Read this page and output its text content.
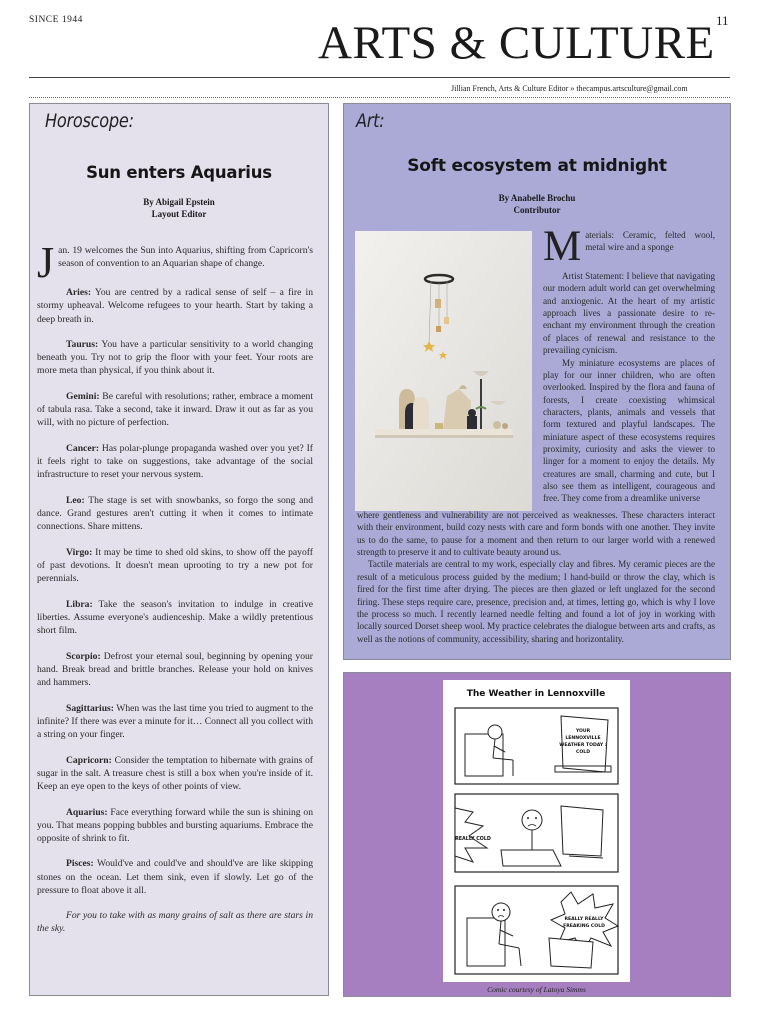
SINCE 1944	11
ARTS & CULTURE
Jillian French, Arts & Culture Editor » thecampus.artsculture@gmail.com
Horoscope:
Sun enters Aquarius
By Abigail Epstein
Layout Editor

Jan. 19 welcomes the Sun into Aquarius, shifting from Capricorn's season of convention to an Aquarian shape of change.

Aries: You are centred by a radical sense of self – a fire in stormy upheaval. Welcome refugees to your hearth. Start by taking a deep breath in.

Taurus: You have a particular sensitivity to a world changing beneath you. Try not to grip the floor with your feet. Your roots are more meta than physical, if you think about it.

Gemini: Be careful with resolutions; rather, embrace a moment of tabula rasa. Take a second, take it inward. Draw it out as far as you will, with no picture of perfection.

Cancer: Has polar-plunge propaganda washed over you yet? If it feels right to take on suggestions, take advantage of the social infrastructure to reset your nervous system.

Leo: The stage is set with snowbanks, so forgo the song and dance. Grand gestures aren't cutting it when it comes to intimate connections. Share mittens.

Virgo: It may be time to shed old skins, to show off the payoff of past devotions. It doesn't mean uprooting to try a new pot for perennials.

Libra: Take the season's invitation to indulge in creative liberties. Assume everyone's audienceship. Make a wildly pretentious short film.

Scorpio: Defrost your eternal soul, beginning by opening your hand. Break bread and brittle branches. Release your hold on knives and hammers.

Sagittarius: When was the last time you tried to augment to the infinite? If there was ever a minute for it… Connect all you collect with a string on your finger.

Capricorn: Consider the temptation to hibernate with grains of sugar in the salt. A treasure chest is still a box when you're inside of it. Keep an eye open to the keys of other points of view.

Aquarius: Face everything forward while the sun is shining on you. That means popping bubbles and bursting aquariums. Embrace the opposite of shrink to fit.

Pisces: Would've and could've and should've are like skipping stones on the ocean. Let them sink, even if slowly. Let go of the pressure to float above it all.

For you to take with as many grains of salt as there are stars in the sky.

Art:
Soft ecosystem at midnight
By Anabelle Brochu
Contributor

Materials: Ceramic, felted wool, metal wire and a sponge

Artist Statement: I believe that navigating our modern adult world can get overwhelming and anxiogenic. At the heart of my artistic approach lives a passionate desire to re-enchant my environment through the creation of places of renewal and resistance to the prevailing cynicism.

My miniature ecosystems are places of play for our inner children, who are often overlooked. Inspired by the flora and fauna of forests, I create coexisting whimsical characters, plants, animals and vessels that form textured and playful landscapes. The miniature aspect of these ecosystems requires proximity, curiosity and asks the viewer to linger for a moment to enjoy the details. My creatures are small, charming and cute, but I also see them as intelligent, courageous and free. They come from a dreamlike universe

where gentleness and vulnerability are not perceived as weaknesses. These characters interact with their environment, build cozy nests with care and form bonds with one another. They invite us to do the same, to pause for a moment and then return to our larger world with a renewed strength to preserve it and to cultivate beauty around us.

Tactile materials are central to my work, especially clay and fibres. My ceramic pieces are the result of a meticulous process guided by the medium; I hand-build or throw the clay, which is fired for the first time after drying. The pieces are then glazed or left unglazed for the second firing. These steps require care, presence, precision and, at times, letting go, which is why I love the process so much. I recently learned needle felting and found a lot of joy in working with locally sourced Dorset sheep wool. My practice celebrates the dialogue between arts and crafts, as well as the notions of community, accessibility, sharing and horizontality.

The Weather in Lennoxville
YOUR
LENNOXVILLE
WEATHER TODAY :
COLD
REALLY COLD
REALLY REALLY
FREAKING COLD
Comic courtesy of Latoya Simms
